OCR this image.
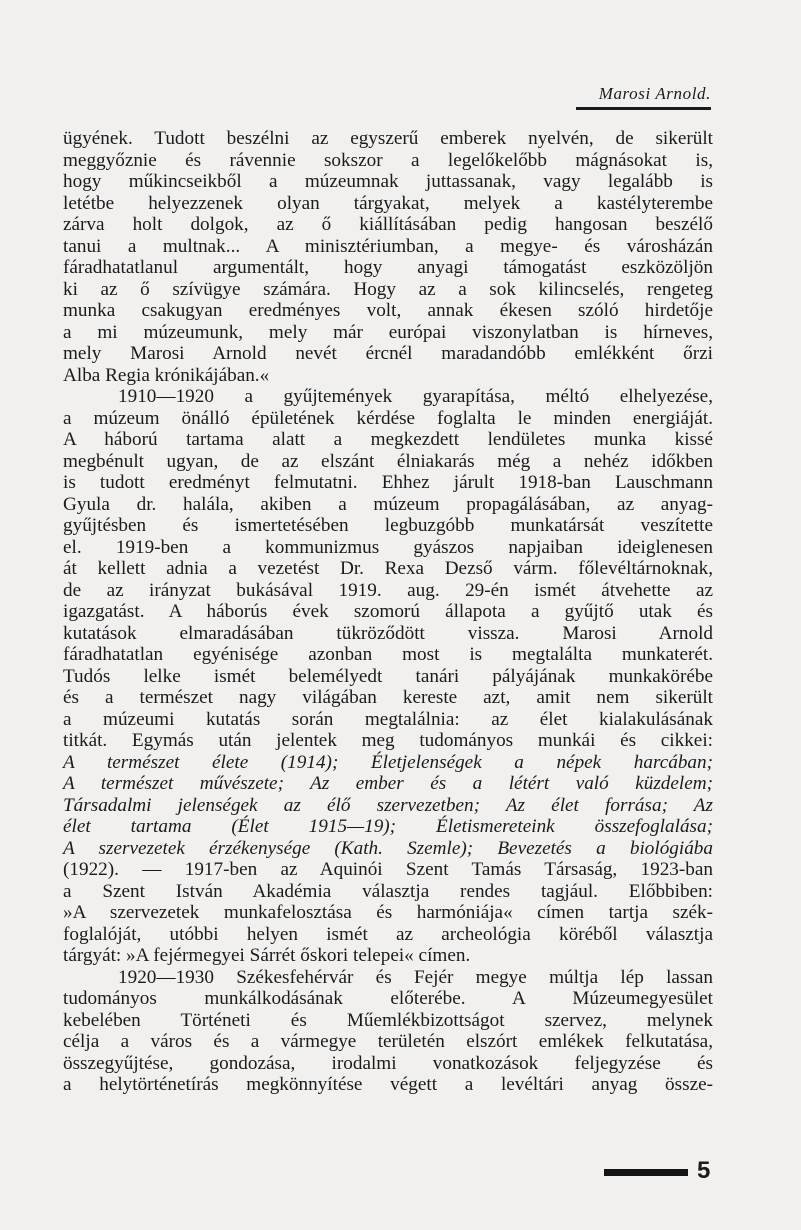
Marosi Arnold.
ügyének. Tudott beszélni az egyszerű emberek nyelvén, de sikerült
meggyőznie és rávennie sokszor a legelőkelőbb mágnásokat is,
hogy műkincseikből a múzeumnak juttassanak, vagy legalább is
letétbe helyezzenek olyan tárgyakat, melyek a kastélyterembe
zárva holt dolgok, az ő kiállításában pedig hangosan beszélő
tanui a multnak... A minisztériumban, a megye- és városházán
fáradhatatlanul argumentált, hogy anyagi támogatást eszközöljön
ki az ő szívügye számára. Hogy az a sok kilincselés, rengeteg
munka csakugyan eredményes volt, annak ékesen szóló hirdetője
a mi múzeumunk, mely már európai viszonylatban is hírneves,
mely Marosi Arnold nevét ércnél maradandóbb emlékként őrzi
Alba Regia krónikájában.«
1910—1920 a gyűjtemények gyarapítása, méltó elhelyezése,
a múzeum önálló épületének kérdése foglalta le minden energiáját.
A háború tartama alatt a megkezdett lendületes munka kissé
megbénult ugyan, de az elszánt élniakarás még a nehéz időkben
is tudott eredményt felmutatni. Ehhez járult 1918-ban Lauschmann
Gyula dr. halála, akiben a múzeum propagálásában, az anyag-
gyűjtésben és ismertetésében legbuzgóbb munkatársát veszítette
el. 1919-ben a kommunizmus gyászos napjaiban ideiglenesen
át kellett adnia a vezetést Dr. Rexa Dezső várm. főlevéltárnoknak,
de az irányzat bukásával 1919. aug. 29-én ismét átvehette az
igazgatást. A háborús évek szomorú állapota a gyűjtő utak és
kutatások elmaradásában tükröződött vissza. Marosi Arnold
fáradhatatlan egyénisége azonban most is megtalálta munkaterét.
Tudós lelke ismét belemélyedt tanári pályájának munkakörébe
és a természet nagy világában kereste azt, amit nem sikerült
a múzeumi kutatás során megtalálnia: az élet kialakulásának
titkát. Egymás után jelentek meg tudományos munkái és cikkei:
A természet élete (1914); Életjelenségek a népek harcában;
A természet művészete; Az ember és a létért való küzdelem;
Társadalmi jelenségek az élő szervezetben; Az élet forrása; Az
élet tartama (Élet 1915—19); Életismereteink összefoglalása;
A szervezetek érzékenysége (Kath. Szemle); Bevezetés a biológiába
(1922). — 1917-ben az Aquinói Szent Tamás Társaság, 1923-ban
a Szent István Akadémia választja rendes tagjául. Előbbiben:
»A szervezetek munkafelosztása és harmóniája« címen tartja szék-
foglalóját, utóbbi helyen ismét az archeológia köréből választja
tárgyát: »A fejérmegyei Sárrét őskori telepei« címen.
1920—1930 Székesfehérvár és Fejér megye múltja lép lassan
tudományos munkálkodásának előterébe. A Múzeumegyesület
kebelében Történeti és Műemlékbizottságot szervez, melynek
célja a város és a vármegye területén elszórt emlékek felkutatása,
összegyűjtése, gondozása, irodalmi vonatkozások feljegyzése és
a helytörténetírás megkönnyítése végett a levéltári anyag össze-
5
